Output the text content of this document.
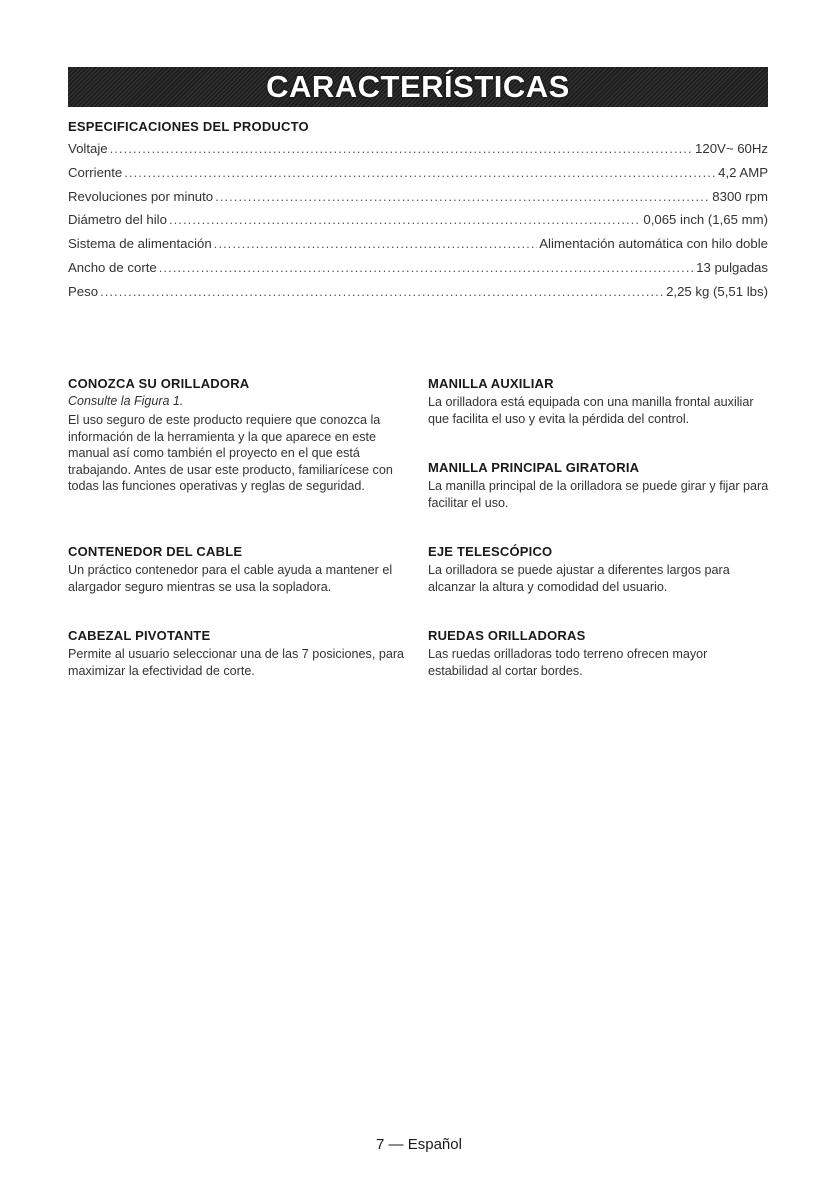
CARACTERÍSTICAS
ESPECIFICACIONES DEL PRODUCTO
Voltaje .....	120V~ 60Hz
Corriente .....	4,2 AMP
Revoluciones por minuto .....	8300 rpm
Diámetro del hilo .....	0,065 inch (1,65 mm)
Sistema de alimentación .....	Alimentación automática con hilo doble
Ancho de corte .....	13 pulgadas
Peso .....	2,25 kg (5,51 lbs)
CONOZCA SU ORILLADORA
Consulte la Figura 1.

El uso seguro de este producto requiere que conozca la información de la herramienta y la que aparece en este manual así como también el proyecto en el que está trabajando. Antes de usar este producto, familiarícese con todas las funciones operativas y reglas de seguridad.

CONTENEDOR DEL CABLE

Un práctico contenedor para el cable ayuda a mantener el alargador seguro mientras se usa la sopladora.

CABEZAL PIVOTANTE

Permite al usuario seleccionar una de las 7 posiciones, para maximizar la efectividad de corte.

MANILLA AUXILIAR

La orilladora está equipada con una manilla frontal auxiliar que facilita el uso y evita la pérdida del control.

MANILLA PRINCIPAL GIRATORIA

La manilla principal de la orilladora se puede girar y fijar para facilitar el uso.

EJE TELESCÓPICO

La orilladora se puede ajustar a diferentes largos para alcanzar la altura y comodidad del usuario.

RUEDAS ORILLADORAS

Las ruedas orilladoras todo terreno ofrecen mayor estabilidad al cortar bordes.

7 — Español
